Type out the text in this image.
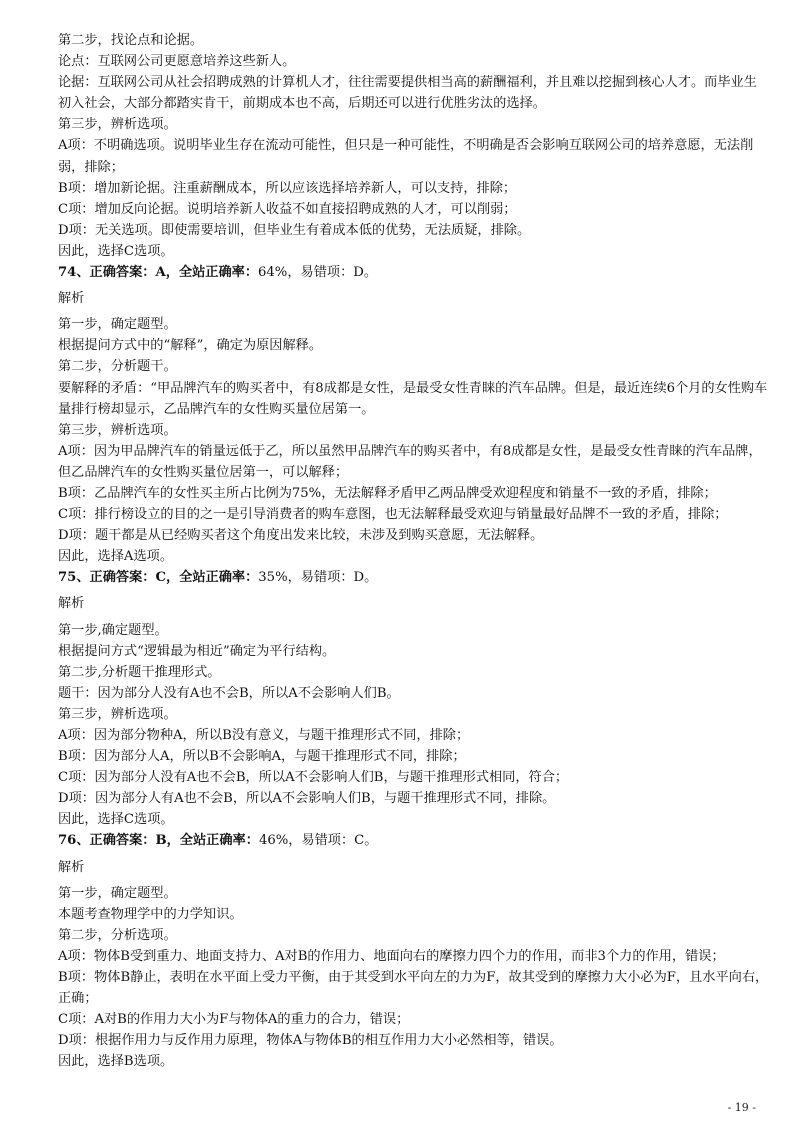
第二步，找论点和论据。

论点：互联网公司更愿意培养这些新人。

论据：互联网公司从社会招聘成熟的计算机人才，往往需要提供相当高的薪酬福利，并且难以挖掘到核心人才。而毕业生初入社会，大部分都踏实肯干，前期成本也不高，后期还可以进行优胜劣汰的选择。

第三步，辨析选项。

A项：不明确选项。说明毕业生存在流动可能性，但只是一种可能性，不明确是否会影响互联网公司的培养意愿，无法削弱，排除；

B项：增加新论据。注重薪酬成本，所以应该选择培养新人，可以支持，排除；

C项：增加反向论据。说明培养新人收益不如直接招聘成熟的人才，可以削弱；

D项：无关选项。即使需要培训，但毕业生有着成本低的优势，无法质疑，排除。

因此，选择C选项。

74、正确答案：A，全站正确率：64%，易错项：D。

解析

第一步，确定题型。

根据提问方式中的“解释”，确定为原因解释。

第二步，分析题干。

要解释的矛盾：“甲品牌汽车的购买者中，有8成都是女性，是最受女性青睐的汽车品牌。但是，最近连续6个月的女性购车量排行榜却显示，乙品牌汽车的女性购买量位居第一。

第三步，辨析选项。

A项：因为甲品牌汽车的销量远低于乙，所以虽然甲品牌汽车的购买者中，有8成都是女性，是最受女性青睐的汽车品牌，但乙品牌汽车的女性购买量位居第一，可以解释；

B项：乙品牌汽车的女性买主所占比例为75%，无法解释矛盾甲乙两品牌受欢迎程度和销量不一致的矛盾，排除；

C项：排行榜设立的目的之一是引导消费者的购车意图，也无法解释最受欢迎与销量最好品牌不一致的矛盾，排除；

D项：题干都是从已经购买者这个角度出发来比较，未涉及到购买意愿，无法解释。

因此，选择A选项。

75、正确答案：C，全站正确率：35%，易错项：D。

解析

第一步,确定题型。

根据提问方式“逻辑最为相近”确定为平行结构。

第二步,分析题干推理形式。

题干：因为部分人没有A也不会B，所以A不会影响人们B。

第三步，辨析选项。

A项：因为部分物种A，所以B没有意义，与题干推理形式不同，排除；

B项：因为部分人A，所以B不会影响A，与题干推理形式不同，排除；

C项：因为部分人没有A也不会B，所以A不会影响人们B，与题干推理形式相同，符合；

D项：因为部分人有A也不会B，所以A不会影响人们B，与题干推理形式不同，排除。

因此，选择C选项。

76、正确答案：B，全站正确率：46%，易错项：C。

解析

第一步，确定题型。

本题考查物理学中的力学知识。

第二步，分析选项。

A项：物体B受到重力、地面支持力、A对B的作用力、地面向右的摩擦力四个力的作用，而非3个力的作用，错误；

B项：物体B静止，表明在水平面上受力平衡，由于其受到水平向左的力为F，故其受到的摩擦力大小必为F，且水平向右，正确；

C项：A对B的作用力大小为F与物体A的重力的合力，错误；

D项：根据作用力与反作用力原理，物体A与物体B的相互作用力大小必然相等，错误。

因此，选择B选项。

- 19 -
